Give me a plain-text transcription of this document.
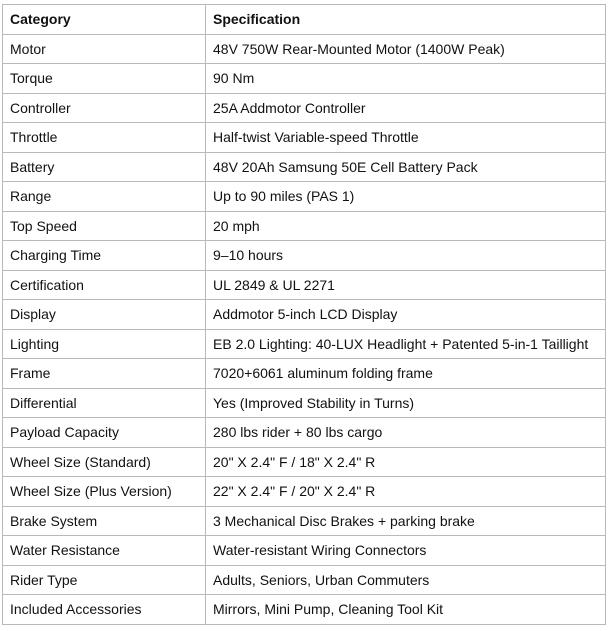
Category	Specification
Motor	48V 750W Rear-Mounted Motor (1400W Peak)
Torque	90 Nm
Controller	25A Addmotor Controller
Throttle	Half-twist Variable-speed Throttle
Battery	48V 20Ah Samsung 50E Cell Battery Pack
Range	Up to 90 miles (PAS 1)
Top Speed	20 mph
Charging Time	9–10 hours
Certification	UL 2849 & UL 2271
Display	Addmotor 5-inch LCD Display
Lighting	EB 2.0 Lighting: 40-LUX Headlight + Patented 5-in-1 Taillight
Frame	7020+6061 aluminum folding frame
Differential	Yes (Improved Stability in Turns)
Payload Capacity	280 lbs rider + 80 lbs cargo
Wheel Size (Standard)	20" X 2.4" F / 18" X 2.4" R
Wheel Size (Plus Version)	22" X 2.4" F / 20" X 2.4" R
Brake System	3 Mechanical Disc Brakes + parking brake
Water Resistance	Water-resistant Wiring Connectors
Rider Type	Adults, Seniors, Urban Commuters
Included Accessories	Mirrors, Mini Pump, Cleaning Tool Kit
